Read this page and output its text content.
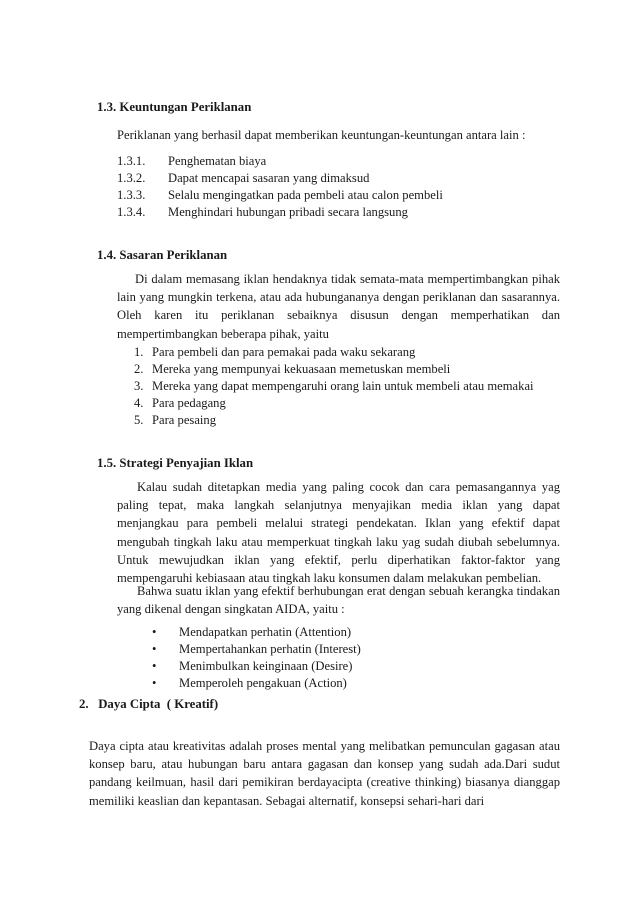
1.3. Keuntungan Periklanan
Periklanan yang berhasil dapat memberikan keuntungan-keuntungan antara lain :
1.3.1. Penghematan biaya
1.3.2. Dapat mencapai sasaran yang dimaksud
1.3.3. Selalu mengingatkan pada pembeli atau calon pembeli
1.3.4. Menghindari hubungan pribadi secara langsung
1.4. Sasaran Periklanan
Di dalam memasang iklan hendaknya tidak semata-mata mempertimbangkan pihak lain yang mungkin terkena, atau ada hubungananya dengan periklanan dan sasarannya. Oleh karen itu periklanan sebaiknya disusun dengan memperhatikan dan mempertimbangkan beberapa pihak, yaitu
1. Para pembeli dan para pemakai pada waku sekarang
2. Mereka yang mempunyai kekuasaan memetuskan membeli
3. Mereka yang dapat mempengaruhi orang lain untuk membeli atau memakai
4. Para pedagang
5. Para pesaing
1.5. Strategi Penyajian Iklan
Kalau sudah ditetapkan media yang paling cocok dan cara pemasangannya yag paling tepat, maka langkah selanjutnya menyajikan media iklan yang dapat menjangkau para pembeli melalui strategi pendekatan. Iklan yang efektif dapat mengubah tingkah laku atau memperkuat tingkah laku yag sudah diubah sebelumnya. Untuk mewujudkan iklan yang efektif, perlu diperhatikan faktor-faktor yang mempengaruhi kebiasaan atau tingkah laku konsumen dalam melakukan pembelian.
Bahwa suatu iklan yang efektif berhubungan erat dengan sebuah kerangka tindakan yang dikenal dengan singkatan AIDA, yaitu :
• Mendapatkan perhatin (Attention)
• Mempertahankan perhatin (Interest)
• Menimbulkan keinginaan (Desire)
• Memperoleh pengakuan (Action)
2.   Daya Cipta  ( Kreatif)
Daya cipta atau kreativitas adalah proses mental yang melibatkan pemunculan gagasan atau konsep baru, atau hubungan baru antara gagasan dan konsep yang sudah ada.Dari sudut pandang keilmuan, hasil dari pemikiran berdayacipta (creative thinking) biasanya dianggap memiliki keaslian dan kepantasan. Sebagai alternatif, konsepsi sehari-hari dari
